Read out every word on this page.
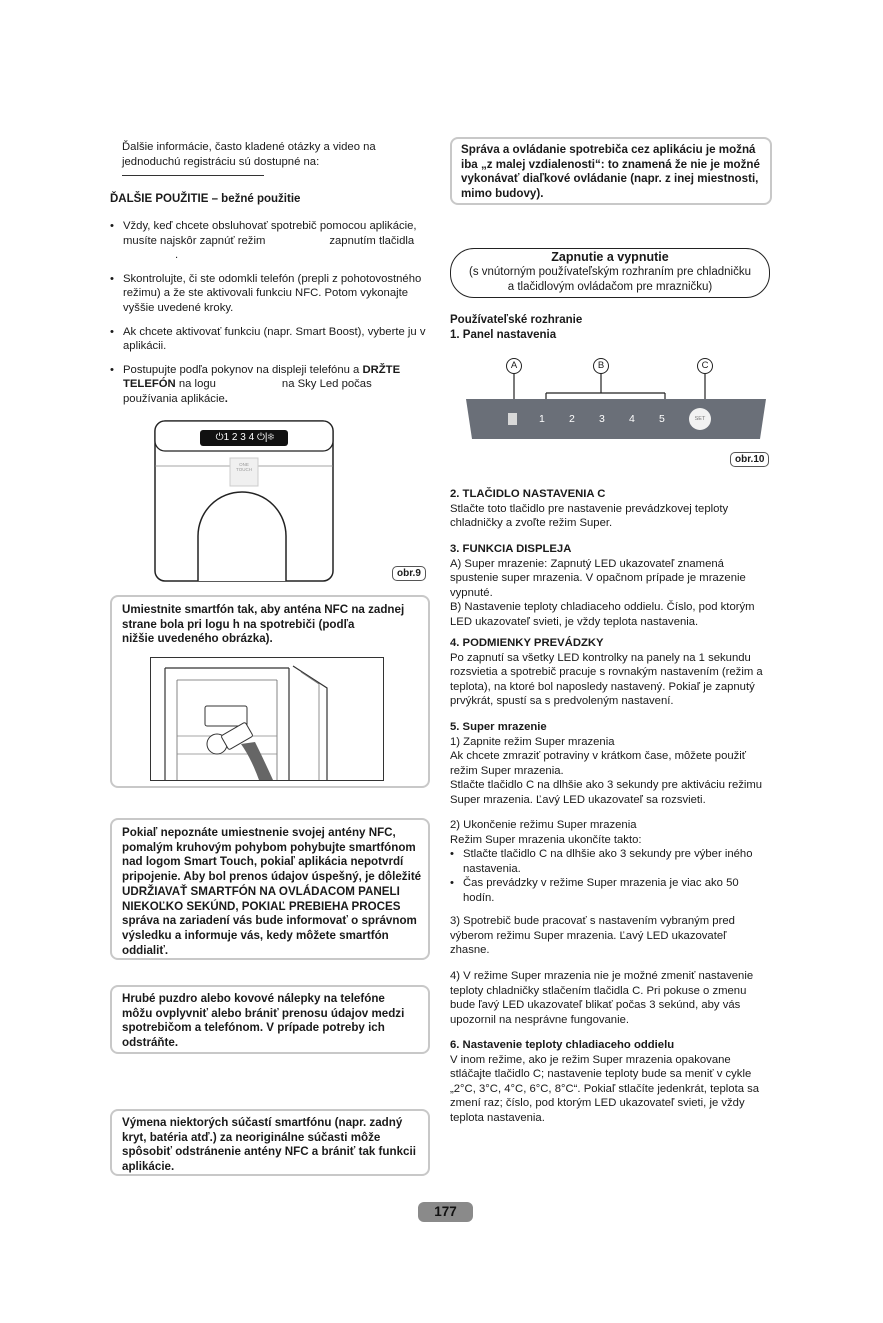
Ďalšie informácie, často kladené otázky a video na
jednoduchú registráciu sú dostupné na:
ĎALŠIE POUŽITIE – bežné použitie
• Vždy, keď chcete obsluhovať spotrebič pomocou aplikácie,
musíte najskôr zapnúť režim	zapnutím tlačidla
.
• Skontrolujte, či ste odomkli telefón (prepli z pohotovostného
režimu) a že ste aktivovali funkciu NFC. Potom vykonajte
vyššie uvedené kroky.
• Ak chcete aktivovať funkciu (napr. Smart Boost), vyberte ju v
aplikácii.
• Postupujte podľa pokynov na displeji telefónu a DRŽTE
TELEFÓN na logu	na Sky Led počas
používania aplikácie.
⏻1 2 3 4 ⏻|❄
ONE
TOUCH
obr.9
Umiestnite smartfón tak, aby anténa NFC na zadnej
strane bola pri logu h na spotrebiči (podľa
nižšie uvedeného obrázka).
Pokiaľ nepoznáte umiestnenie svojej antény NFC,
pomalým kruhovým pohybom pohybujte smartfónom
nad logom Smart Touch, pokiaľ aplikácia nepotvrdí
pripojenie. Aby bol prenos údajov úspešný, je dôležité
UDRŽIAVAŤ SMARTFÓN NA OVLÁDACOM PANELI
NIEKOĽKO SEKÚND, POKIAĽ PREBIEHA PROCES
správa na zariadení vás bude informovať o správnom
výsledku a informuje vás, kedy môžete smartfón
oddialiť.
Hrubé puzdro alebo kovové nálepky na telefóne
môžu ovplyvniť alebo brániť prenosu údajov medzi
spotrebičom a telefónom. V prípade potreby ich
odstráňte.
Výmena niektorých súčastí smartfónu (napr. zadný
kryt, batéria atď.) za neoriginálne súčasti môže
spôsobiť odstránenie antény NFC a brániť tak funkcii
aplikácie.
Správa a ovládanie spotrebiča cez aplikáciu je možná
iba „z malej vzdialenosti“: to znamená že nie je možné
vykonávať diaľkové ovládanie (napr. z inej miestnosti,
mimo budovy).
Zapnutie a vypnutie
(s vnútorným používateľským rozhraním pre chladničku
a tlačidlovým ovládačom pre mrazničku)
Používateľské rozhranie
1. Panel nastavenia
A	B	C
1 2 3 4 5	SET
obr.10
2. TLAČIDLO NASTAVENIA C
Stlačte toto tlačidlo pre nastavenie prevádzkovej teploty
chladničky a zvoľte režim Super.
3. FUNKCIA DISPLEJA
A) Super mrazenie: Zapnutý LED ukazovateľ znamená
spustenie super mrazenia. V opačnom prípade je mrazenie
vypnuté.
B) Nastavenie teploty chladiaceho oddielu. Číslo, pod ktorým
LED ukazovateľ svieti, je vždy teplota nastavenia.
4. PODMIENKY PREVÁDZKY
Po zapnutí sa všetky LED kontrolky na panely na 1 sekundu
rozsvietia a spotrebič pracuje s rovnakým nastavením (režim a
teplota), na ktoré bol naposledy nastavený. Pokiaľ je zapnutý
prvýkrát, spustí sa s predvoleným nastavení.
5. Super mrazenie
1) Zapnite režim Super mrazenia
Ak chcete zmraziť potraviny v krátkom čase, môžete použiť
režim Super mrazenia.
Stlačte tlačidlo C na dlhšie ako 3 sekundy pre aktiváciu režimu
Super mrazenia. Ľavý LED ukazovateľ sa rozsvieti.
2) Ukončenie režimu Super mrazenia
Režim Super mrazenia ukončíte takto:
• Stlačte tlačidlo C na dlhšie ako 3 sekundy pre výber iného
nastavenia.
• Čas prevádzky v režime Super mrazenia je viac ako 50
hodín.
3) Spotrebič bude pracovať s nastavením vybraným pred
výberom režimu Super mrazenia. Ľavý LED ukazovateľ
zhasne.
4) V režime Super mrazenia nie je možné zmeniť nastavenie
teploty chladničky stlačením tlačidla C. Pri pokuse o zmenu
bude ľavý LED ukazovateľ blikať počas 3 sekúnd, aby vás
upozornil na nesprávne fungovanie.
6. Nastavenie teploty chladiaceho oddielu
V inom režime, ako je režim Super mrazenia opakovane
stláčajte tlačidlo C; nastavenie teploty bude sa meniť v cykle
„2°C, 3°C, 4°C, 6°C, 8°C“. Pokiaľ stlačíte jedenkrát, teplota sa
zmení raz; číslo, pod ktorým LED ukazovateľ svieti, je vždy
teplota nastavenia.
177
